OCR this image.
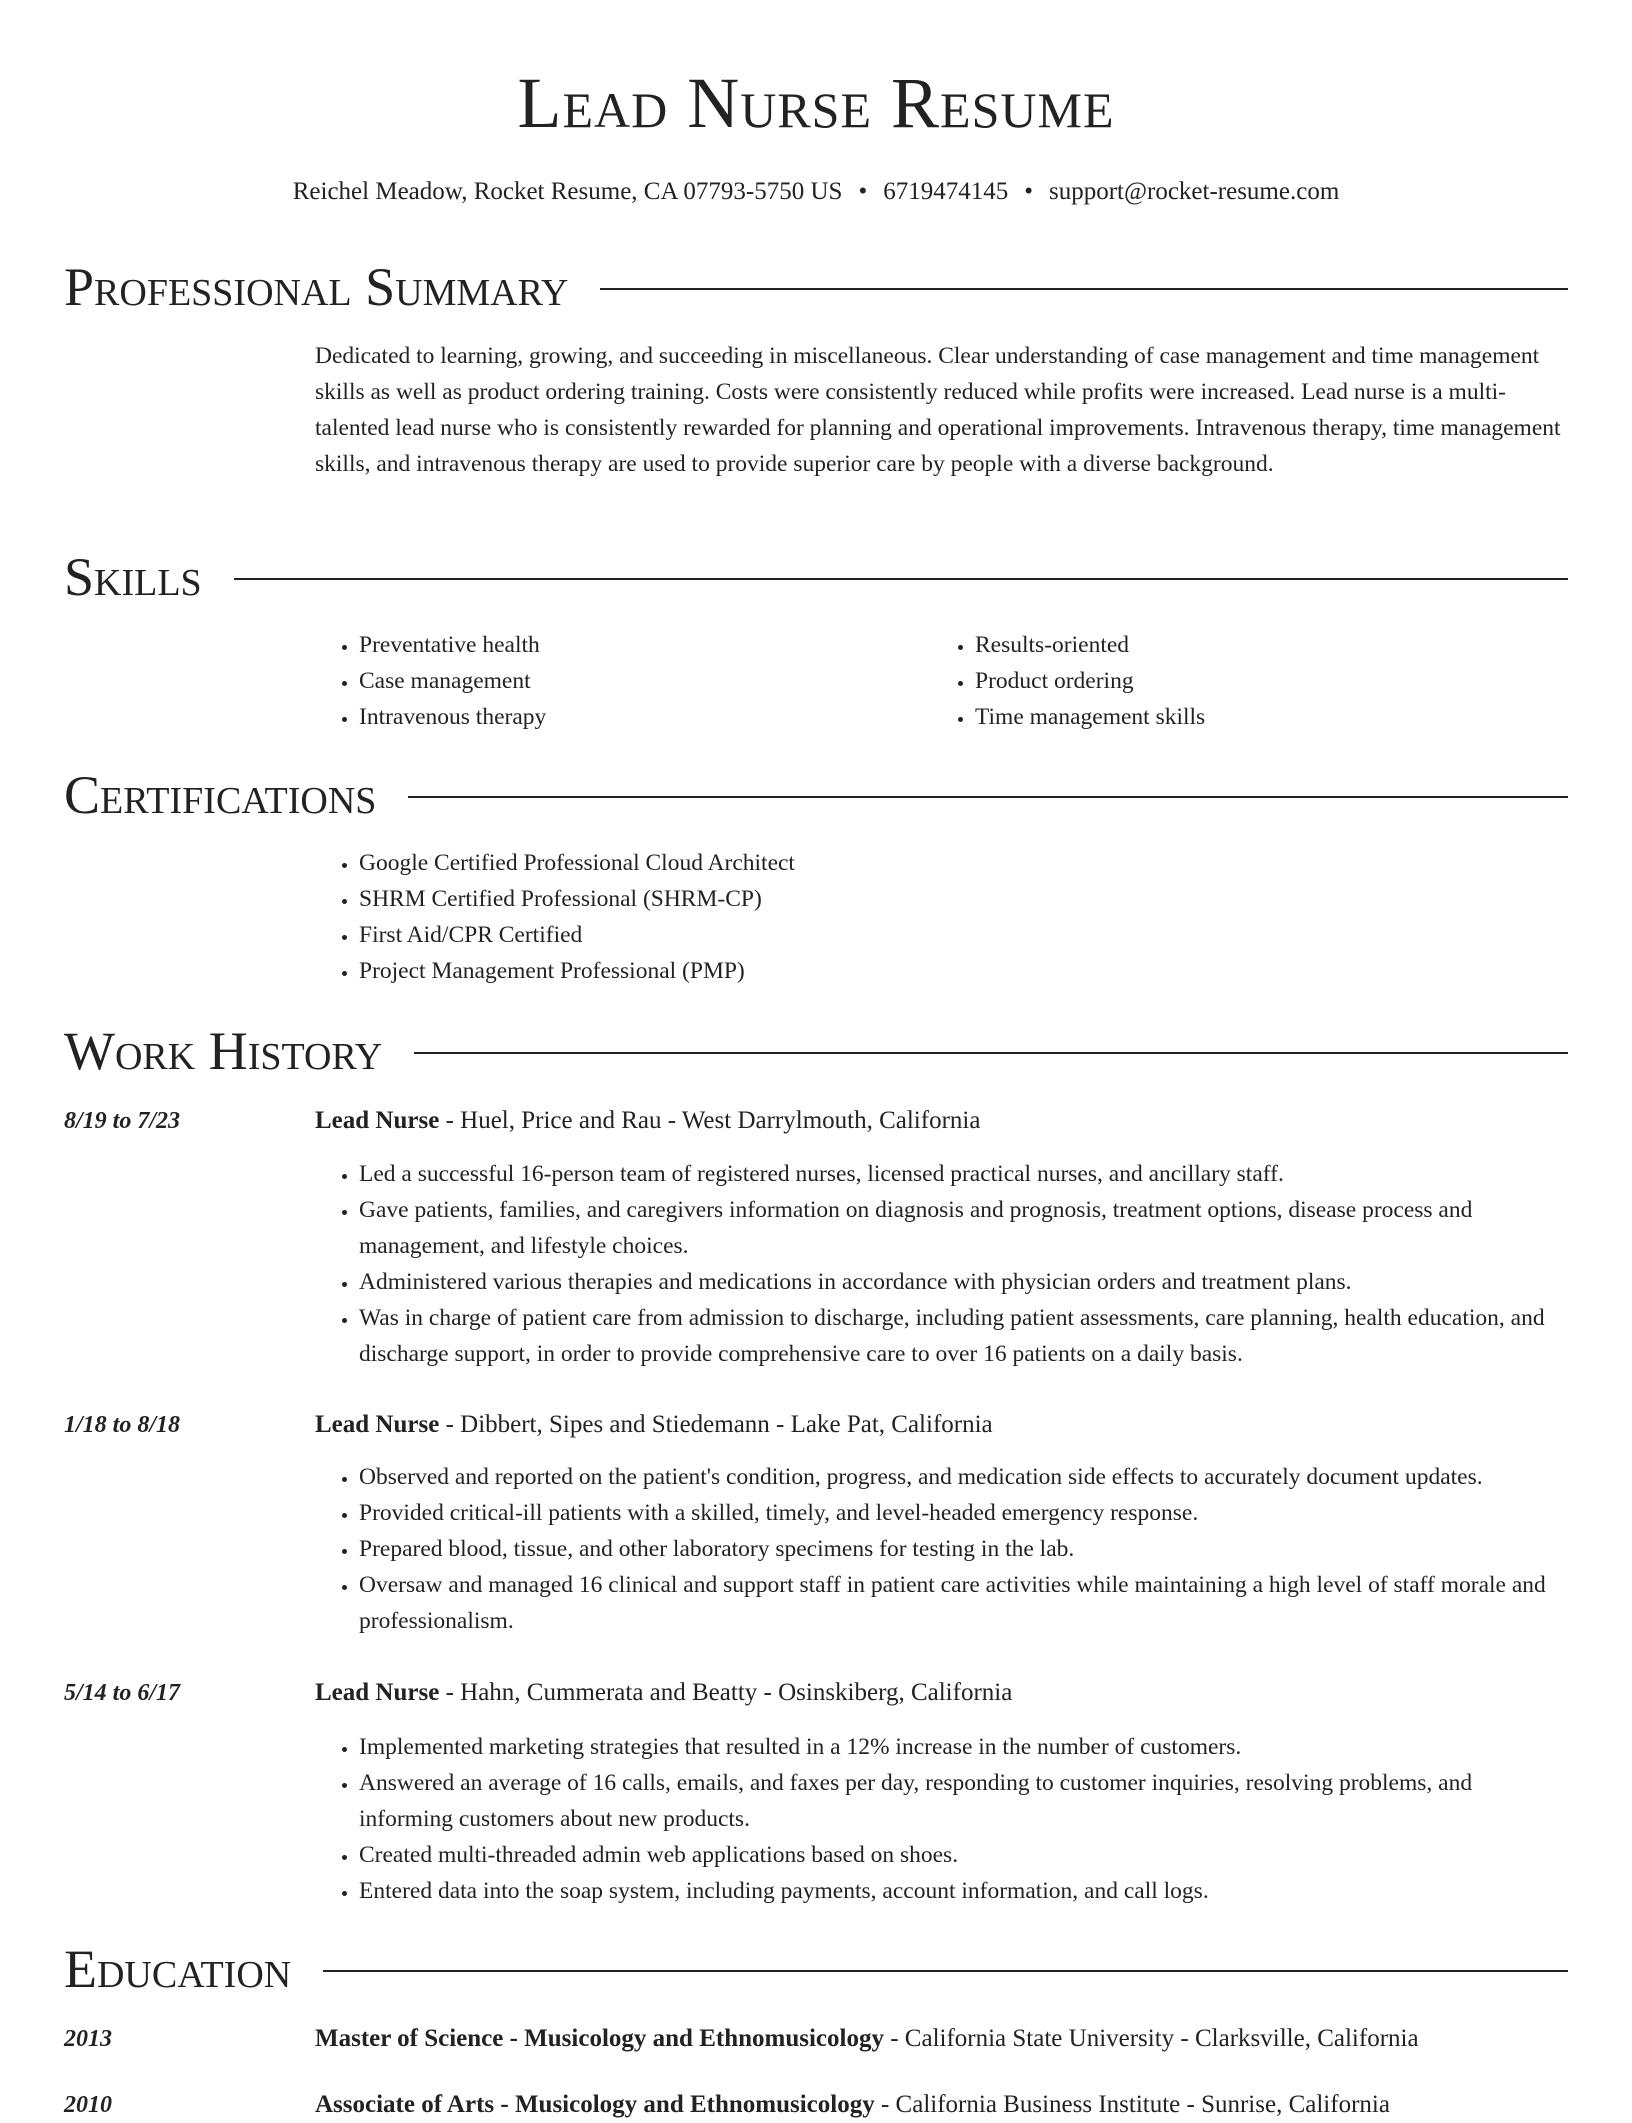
Lead Nurse Resume
Reichel Meadow, Rocket Resume, CA 07793-5750 US • 6719474145 • support@rocket-resume.com
Professional Summary
Dedicated to learning, growing, and succeeding in miscellaneous. Clear understanding of case management and time management skills as well as product ordering training. Costs were consistently reduced while profits were increased. Lead nurse is a multi-talented lead nurse who is consistently rewarded for planning and operational improvements. Intravenous therapy, time management skills, and intravenous therapy are used to provide superior care by people with a diverse background.
Skills
• Preventative health
• Case management
• Intravenous therapy
• Results-oriented
• Product ordering
• Time management skills
Certifications
• Google Certified Professional Cloud Architect
• SHRM Certified Professional (SHRM-CP)
• First Aid/CPR Certified
• Project Management Professional (PMP)
Work History
8/19 to 7/23	Lead Nurse - Huel, Price and Rau - West Darrylmouth, California
• Led a successful 16-person team of registered nurses, licensed practical nurses, and ancillary staff.
• Gave patients, families, and caregivers information on diagnosis and prognosis, treatment options, disease process and management, and lifestyle choices.
• Administered various therapies and medications in accordance with physician orders and treatment plans.
• Was in charge of patient care from admission to discharge, including patient assessments, care planning, health education, and discharge support, in order to provide comprehensive care to over 16 patients on a daily basis.
1/18 to 8/18	Lead Nurse - Dibbert, Sipes and Stiedemann - Lake Pat, California
• Observed and reported on the patient's condition, progress, and medication side effects to accurately document updates.
• Provided critical-ill patients with a skilled, timely, and level-headed emergency response.
• Prepared blood, tissue, and other laboratory specimens for testing in the lab.
• Oversaw and managed 16 clinical and support staff in patient care activities while maintaining a high level of staff morale and professionalism.
5/14 to 6/17	Lead Nurse - Hahn, Cummerata and Beatty - Osinskiberg, California
• Implemented marketing strategies that resulted in a 12% increase in the number of customers.
• Answered an average of 16 calls, emails, and faxes per day, responding to customer inquiries, resolving problems, and informing customers about new products.
• Created multi-threaded admin web applications based on shoes.
• Entered data into the soap system, including payments, account information, and call logs.
Education
2013	Master of Science - Musicology and Ethnomusicology - California State University - Clarksville, California
2010	Associate of Arts - Musicology and Ethnomusicology - California Business Institute - Sunrise, California
